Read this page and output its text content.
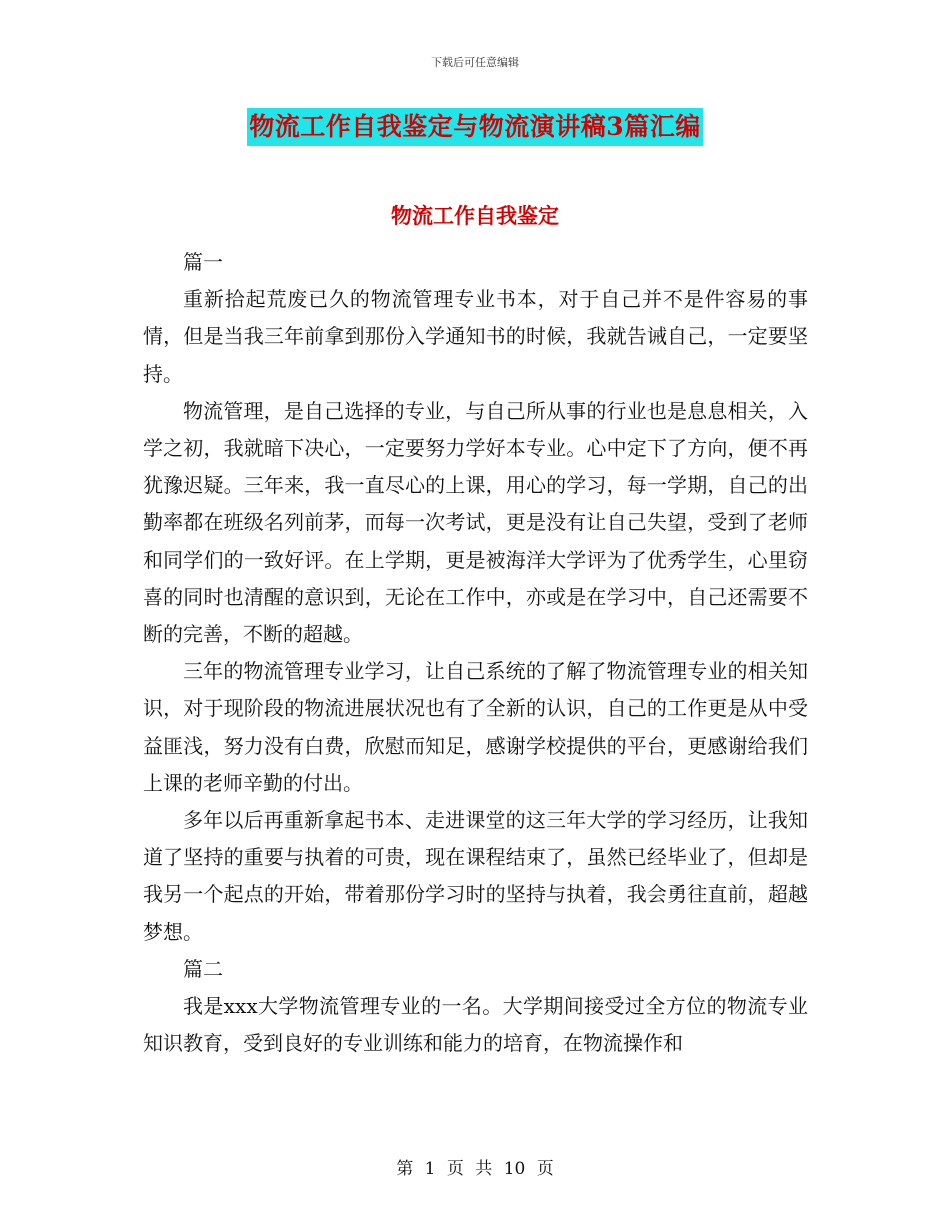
下载后可任意编辑
物流工作自我鉴定与物流演讲稿3篇汇编
物流工作自我鉴定

篇一

重新拾起荒废已久的物流管理专业书本，对于自己并不是件容易的事情，但是当我三年前拿到那份入学通知书的时候，我就告诫自己，一定要坚持。

物流管理，是自己选择的专业，与自己所从事的行业也是息息相关，入学之初，我就暗下决心，一定要努力学好本专业。心中定下了方向，便不再犹豫迟疑。三年来，我一直尽心的上课，用心的学习，每一学期，自己的出勤率都在班级名列前茅，而每一次考试，更是没有让自己失望，受到了老师和同学们的一致好评。在上学期，更是被海洋大学评为了优秀学生，心里窃喜的同时也清醒的意识到，无论在工作中，亦或是在学习中，自己还需要不断的完善，不断的超越。

三年的物流管理专业学习，让自己系统的了解了物流管理专业的相关知识，对于现阶段的物流进展状况也有了全新的认识，自己的工作更是从中受益匪浅，努力没有白费，欣慰而知足，感谢学校提供的平台，更感谢给我们上课的老师辛勤的付出。

多年以后再重新拿起书本、走进课堂的这三年大学的学习经历，让我知道了坚持的重要与执着的可贵，现在课程结束了，虽然已经毕业了，但却是我另一个起点的开始，带着那份学习时的坚持与执着，我会勇往直前，超越梦想。

篇二

我是xxx大学物流管理专业的一名。大学期间接受过全方位的物流专业知识教育，受到良好的专业训练和能力的培育，在物流操作和

第 1 页 共 10 页
